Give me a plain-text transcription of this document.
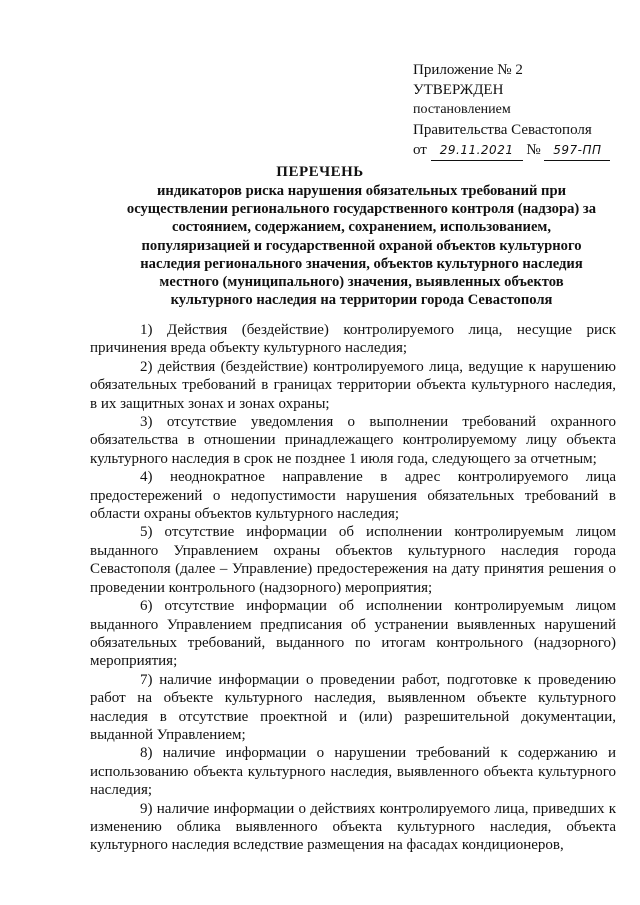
Приложение № 2
УТВЕРЖДЕН
постановлением
Правительства Севастополя
от 29.11.2021 № 597-ПП
ПЕРЕЧЕНЬ
индикаторов риска нарушения обязательных требований при осуществлении регионального государственного контроля (надзора) за состоянием, содержанием, сохранением, использованием, популяризацией и государственной охраной объектов культурного наследия регионального значения, объектов культурного наследия местного (муниципального) значения, выявленных объектов культурного наследия на территории города Севастополя

1) Действия (бездействие) контролируемого лица, несущие риск причинения вреда объекту культурного наследия;

2) действия (бездействие) контролируемого лица, ведущие к нарушению обязательных требований в границах территории объекта культурного наследия, в их защитных зонах и зонах охраны;

3) отсутствие уведомления о выполнении требований охранного обязательства в отношении принадлежащего контролируемому лицу объекта культурного наследия в срок не позднее 1 июля года, следующего за отчетным;

4) неоднократное направление в адрес контролируемого лица предостережений о недопустимости нарушения обязательных требований в области охраны объектов культурного наследия;

5) отсутствие информации об исполнении контролируемым лицом выданного Управлением охраны объектов культурного наследия города Севастополя (далее – Управление) предостережения на дату принятия решения о проведении контрольного (надзорного) мероприятия;

6) отсутствие информации об исполнении контролируемым лицом выданного Управлением предписания об устранении выявленных нарушений обязательных требований, выданного по итогам контрольного (надзорного) мероприятия;

7) наличие информации о проведении работ, подготовке к проведению работ на объекте культурного наследия, выявленном объекте культурного наследия в отсутствие проектной и (или) разрешительной документации, выданной Управлением;

8) наличие информации о нарушении требований к содержанию и использованию объекта культурного наследия, выявленного объекта культурного наследия;

9) наличие информации о действиях контролируемого лица, приведших к изменению облика выявленного объекта культурного наследия, объекта культурного наследия вследствие размещения на фасадах кондиционеров,
